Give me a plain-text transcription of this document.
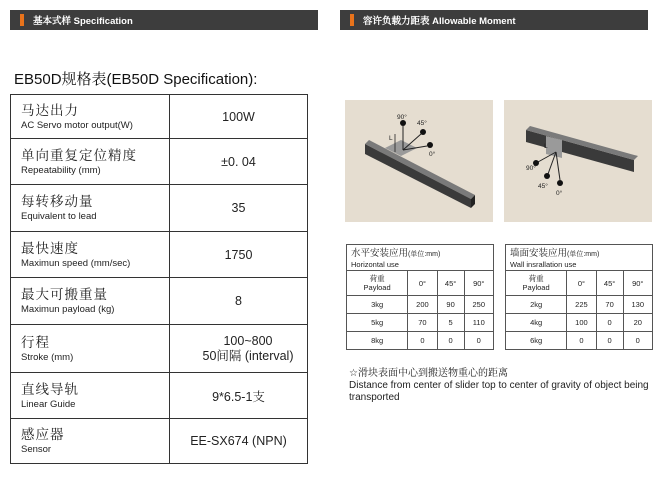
基本式样 Specification	容许负载力距表 Allowable Moment
EB50D规格表(EB50D Specification):
马达出力
AC Servo motor output(W)	100W

单向重复定位精度
Repeatability (mm)	±0. 04

每转移动量
Equivalent to lead	35

最快速度
Maximun speed (mm/sec)	1750

最大可搬重量
Maximun payload (kg)	8

行程
Stroke (mm)	100~800
50间隔 (interval)

直线导轨
Linear Guide	9*6.5-1支

感应器
Sensor	EE-SX674 (NPN)
90°
45°
0°
L
90°
45°
0°
L
水平安装应用(单位:mm)
Horizontal use
荷重
Payload	0°	45°	90°
3kg	200	90	250
5kg	70	5	110
8kg	0	0	0
墙面安装应用(单位:mm)
Wall insrallation use
荷重
Payload	0°	45°	90°
2kg	225	70	130
4kg	100	0	20
6kg	0	0	0
☆滑块表面中心到搬送物重心的距离
Distance from center of slider top to center of gravity of object being transported
